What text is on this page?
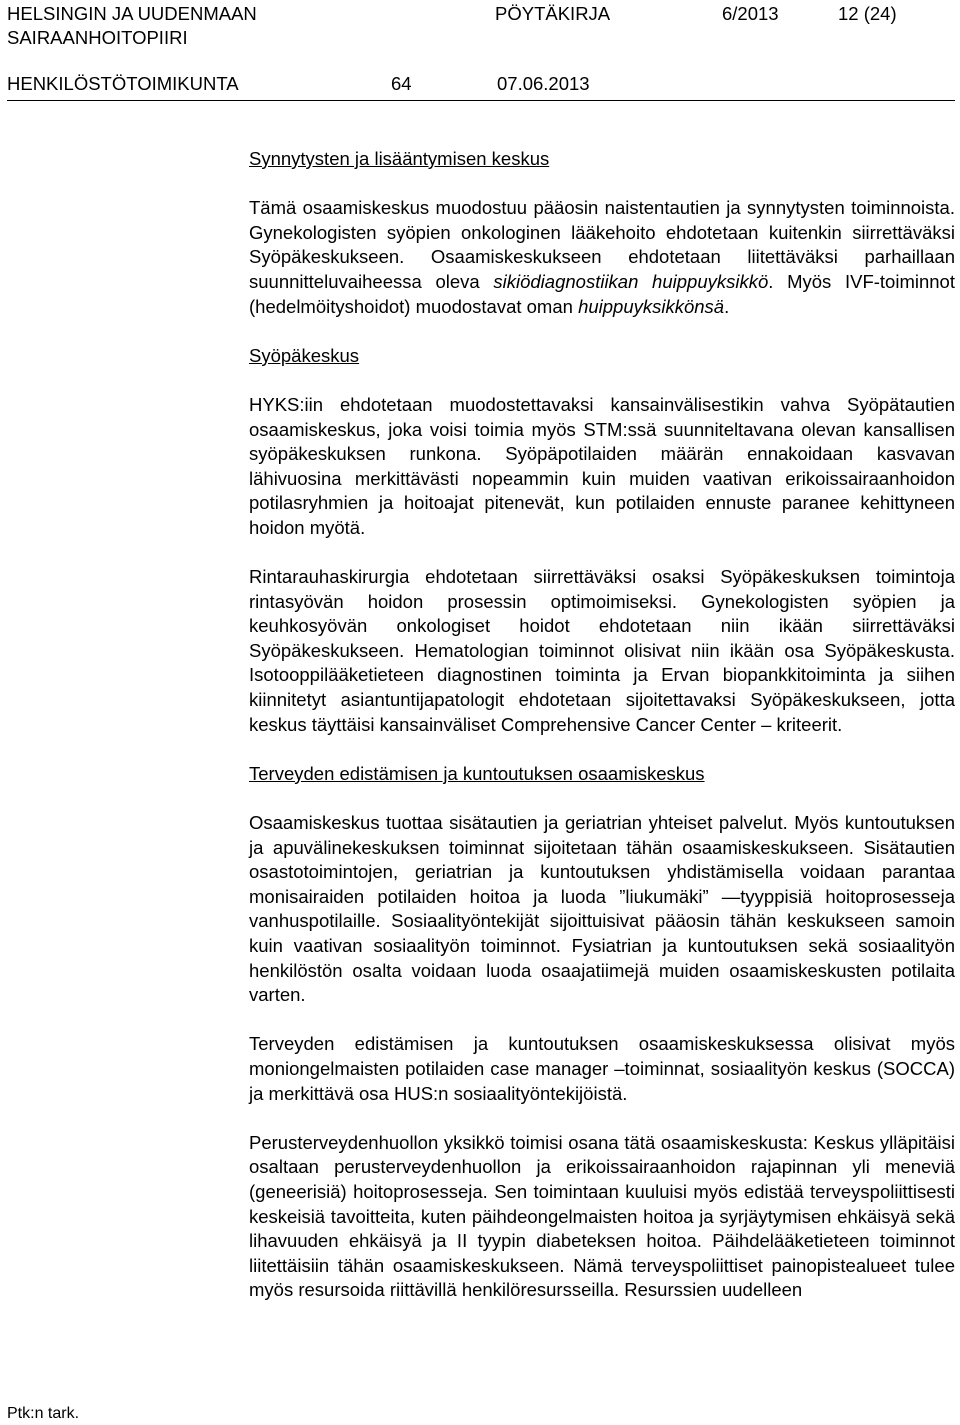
HELSINGIN JA UUDENMAAN
SAIRAANHOITOPIIRI
PÖYTÄKIRJA	6/2013	12 (24)
HENKILÖSTÖTOIMIKUNTA	64	07.06.2013
Synnytysten ja lisääntymisen keskus

Tämä osaamiskeskus muodostuu pääosin naistentautien ja synnytysten toiminnoista. Gynekologisten syöpien onkologinen lääkehoito ehdotetaan kuitenkin siirrettäväksi Syöpäkeskukseen. Osaamiskeskukseen ehdotetaan liitettäväksi parhaillaan suunnitteluvaiheessa oleva sikiödiagnostiikan huippuyksikkö. Myös IVF-toiminnot (hedelmöityshoidot) muodostavat oman huippuyksikkönsä.

Syöpäkeskus

HYKS:iin ehdotetaan muodostettavaksi kansainvälisestikin vahva Syöpätautien osaamiskeskus, joka voisi toimia myös STM:ssä suunniteltavana olevan kansallisen syöpäkeskuksen runkona. Syöpäpotilaiden määrän ennakoidaan kasvavan lähivuosina merkittävästi nopeammin kuin muiden vaativan erikoissairaanhoidon potilasryhmien ja hoitoajat pitenevät, kun potilaiden ennuste paranee kehittyneen hoidon myötä.

Rintarauhaskirurgia ehdotetaan siirrettäväksi osaksi Syöpäkeskuksen toimintoja rintasyövän hoidon prosessin optimoimiseksi. Gynekologisten syöpien ja keuhkosyövän onkologiset hoidot ehdotetaan niin ikään siirrettäväksi Syöpäkeskukseen. Hematologian toiminnot olisivat niin ikään osa Syöpäkeskusta. Isotooppilääketieteen diagnostinen toiminta ja Ervan biopankkitoiminta ja siihen kiinnitetyt asiantuntijapatologit ehdotetaan sijoitettavaksi Syöpäkeskukseen, jotta keskus täyttäisi kansainväliset Comprehensive Cancer Center – kriteerit.

Terveyden edistämisen ja kuntoutuksen osaamiskeskus

Osaamiskeskus tuottaa sisätautien ja geriatrian yhteiset palvelut. Myös kuntoutuksen ja apuvälinekeskuksen toiminnat sijoitetaan tähän osaamiskeskukseen. Sisätautien osastotoimintojen, geriatrian ja kuntoutuksen yhdistämisella voidaan parantaa monisairaiden potilaiden hoitoa ja luoda ”liukumäki” —tyyppisiä hoitoprosesseja vanhuspotilaille. Sosiaalityöntekijät sijoittuisivat pääosin tähän keskukseen samoin kuin vaativan sosiaalityön toiminnot. Fysiatrian ja kuntoutuksen sekä sosiaalityön henkilöstön osalta voidaan luoda osaajatiimejä muiden osaamiskeskusten potilaita varten.

Terveyden edistämisen ja kuntoutuksen osaamiskeskuksessa olisivat myös moniongelmaisten potilaiden case manager –toiminnat, sosiaalityön keskus (SOCCA) ja merkittävä osa HUS:n sosiaalityöntekijöistä.

Perusterveydenhuollon yksikkö toimisi osana tätä osaamiskeskusta: Keskus ylläpitäisi osaltaan perusterveydenhuollon ja erikoissairaanhoidon rajapinnan yli meneviä (geneerisiä) hoitoprosesseja. Sen toimintaan kuuluisi myös edistää terveyspoliittisesti keskeisiä tavoitteita, kuten päihdeongelmaisten hoitoa ja syrjäytymisen ehkäisyä sekä lihavuuden ehkäisyä ja II tyypin diabeteksen hoitoa. Päihdelääketieteen toiminnot liitettäisiin tähän osaamiskeskukseen. Nämä terveyspoliittiset painopistealueet tulee myös resursoida riittävillä henkilöresursseilla. Resurssien uudelleen

Ptk:n tark.
